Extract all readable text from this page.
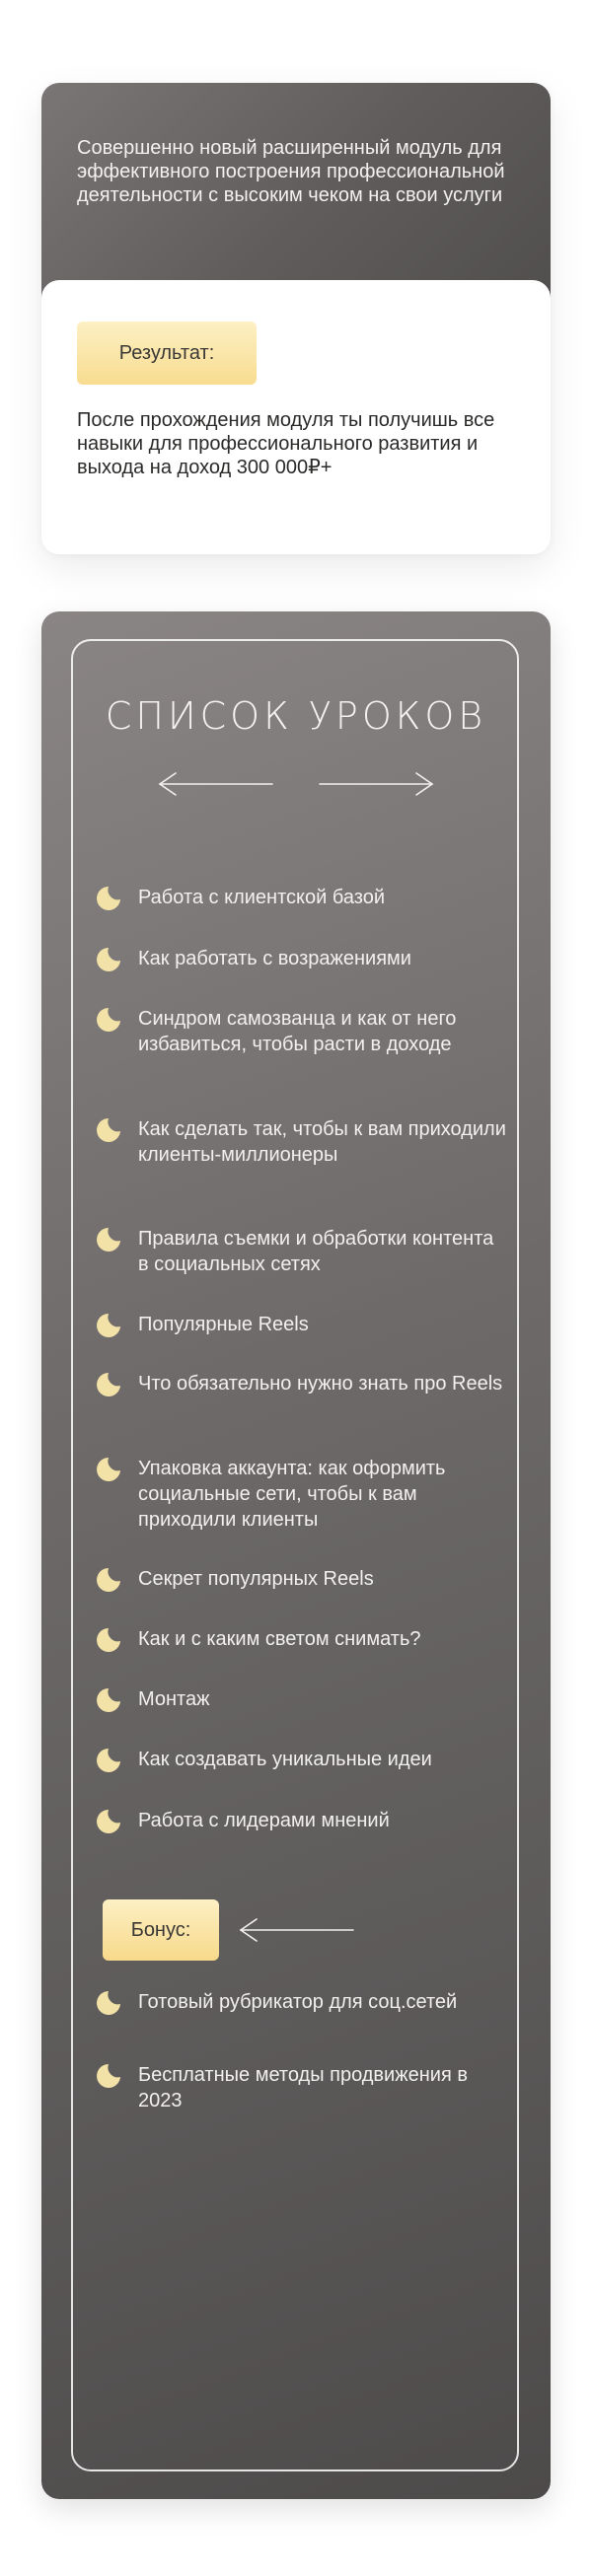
Совершенно новый расширенный модуль для эффективного построения профессиональной деятельности с высоким чеком на свои услуги
Результат:
После прохождения модуля ты получишь все навыки для профессионального развития и выхода на доход 300 000₽+
СПИСОК УРОКОВ
Работа с клиентской базой
Как работать с возражениями
Синдром самозванца и как от него избавиться, чтобы расти в доходе
Как сделать так, чтобы к вам приходили клиенты-миллионеры
Правила съемки и обработки контента в социальных сетях
Популярные Reels
Что обязательно нужно знать про Reels
Упаковка аккаунта: как оформить социальные сети, чтобы к вам приходили клиенты
Секрет популярных Reels
Как и с каким светом снимать?
Монтаж
Как создавать уникальные идеи
Работа с лидерами мнений
Готовый рубрикатор для соц.сетей
Бесплатные методы продвижения в 2023
Бонус:
